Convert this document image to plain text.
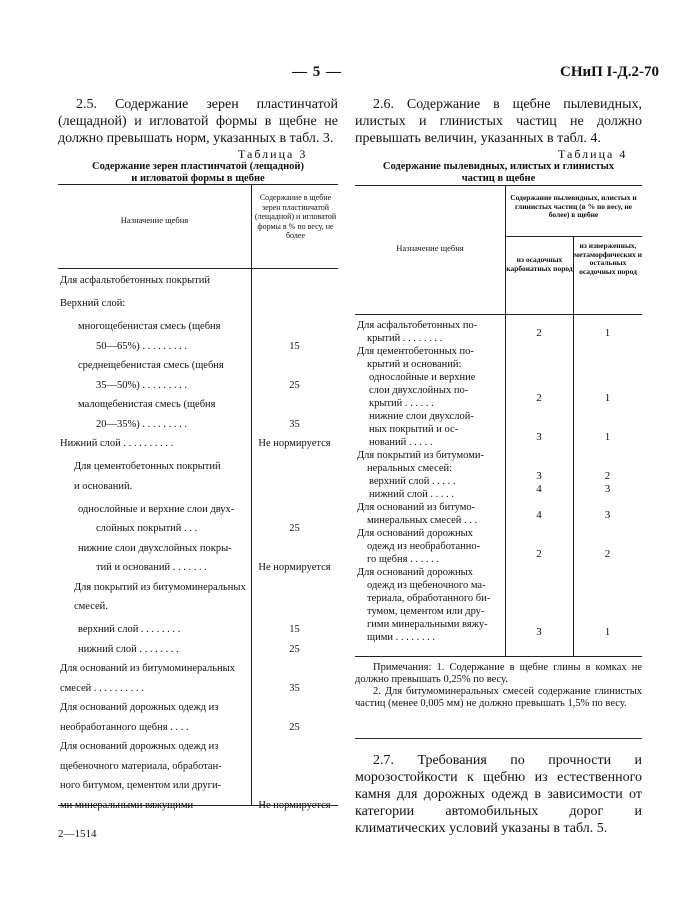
— 5 —	СНиП I-Д.2-70
2.5. Содержание зерен пластинчатой (лещадной) и игловатой формы в щебне не должно превышать норм, указанных в табл. 3.
2.6. Содержание в щебне пылевидных, илистых и глинистых частиц не должно превышать величин, указанных в табл. 4.
Таблица 3
Содержание зерен пластинчатой (лещадной)
и игловатой формы в щебне
Назначение щебня
Содержание в щебне зерен пластинчатой (лещадной) и игловатой формы в % по весу, не более
Для асфальтобетонных покрытий
Верхний слой:
многощебенистая смесь (щебня
50—65%) . . . . . . . . .	15
среднещебенистая смесь (щебня
35—50%) . . . . . . . . .	25
малощебенистая смесь (щебня
20—35%) . . . . . . . . .	35
Нижний слой . . . . . . . . . .	Не нормируется
Для цементобетонных покрытий
и оснований.
однослойные и верхние слои двух-
слойных покрытий . . .	25
нижние слои двухслойных покры-
тий и оснований . . . . . . .	Не нормируется
Для покрытий из битумоминеральных
смесей.
верхний слой . . . . . . . .	15
нижний слой . . . . . . . .	25
Для оснований из битумоминеральных
смесей . . . . . . . . . .	35
Для оснований дорожных одежд из
необработанного щебня . . . .	25
Для оснований дорожных одежд из
щебеночного материала, обработан-
ного битумом, цементом или други-
ми минеральными вяжущими	Не нормируется
Таблица 4
Содержание пылевидных, илистых и глинистых
частиц в щебне
Назначение щебня
Содержание пылевидных, илистых и глинистых частиц (в % по весу, не более) в щебне
из осадочных карбонатных пород
из изверженных, метаморфических и остальных осадочных пород
Для асфальтобетонных по-
крытий . . . . . . . .	2	1
Для цементобетонных по-
крытий и оснований:
однослойные и верхние
слои двухслойных по-
крытий . . . . . .	2	1
нижние слои двухслой-
ных покрытий и ос-
нований . . . . .	3	1
Для покрытий из битумоми-
неральных смесей:
верхний слой . . . . .	3	2
нижний слой . . . . .	4	3
Для оснований из битумо-
минеральных смесей . . .	4	3
Для оснований дорожных
одежд из необработанно-
го щебня . . . . . .	2	2
Для оснований дорожных
одежд из щебеночного ма-
териала, обработанного би-
тумом, цементом или дру-
гими минеральными вяжу-
щими . . . . . . . .	3	1
Примечания: 1. Содержание в щебне глины в комках не должно превышать 0,25% по весу.
2. Для битумоминеральных смесей содержание глинистых частиц (менее 0,005 мм) не должно превышать 1,5% по весу.
2.7. Требования по прочности и морозостойкости к щебню из естественного камня для дорожных одежд в зависимости от категории автомобильных дорог и климатических условий указаны в табл. 5.
2—1514
